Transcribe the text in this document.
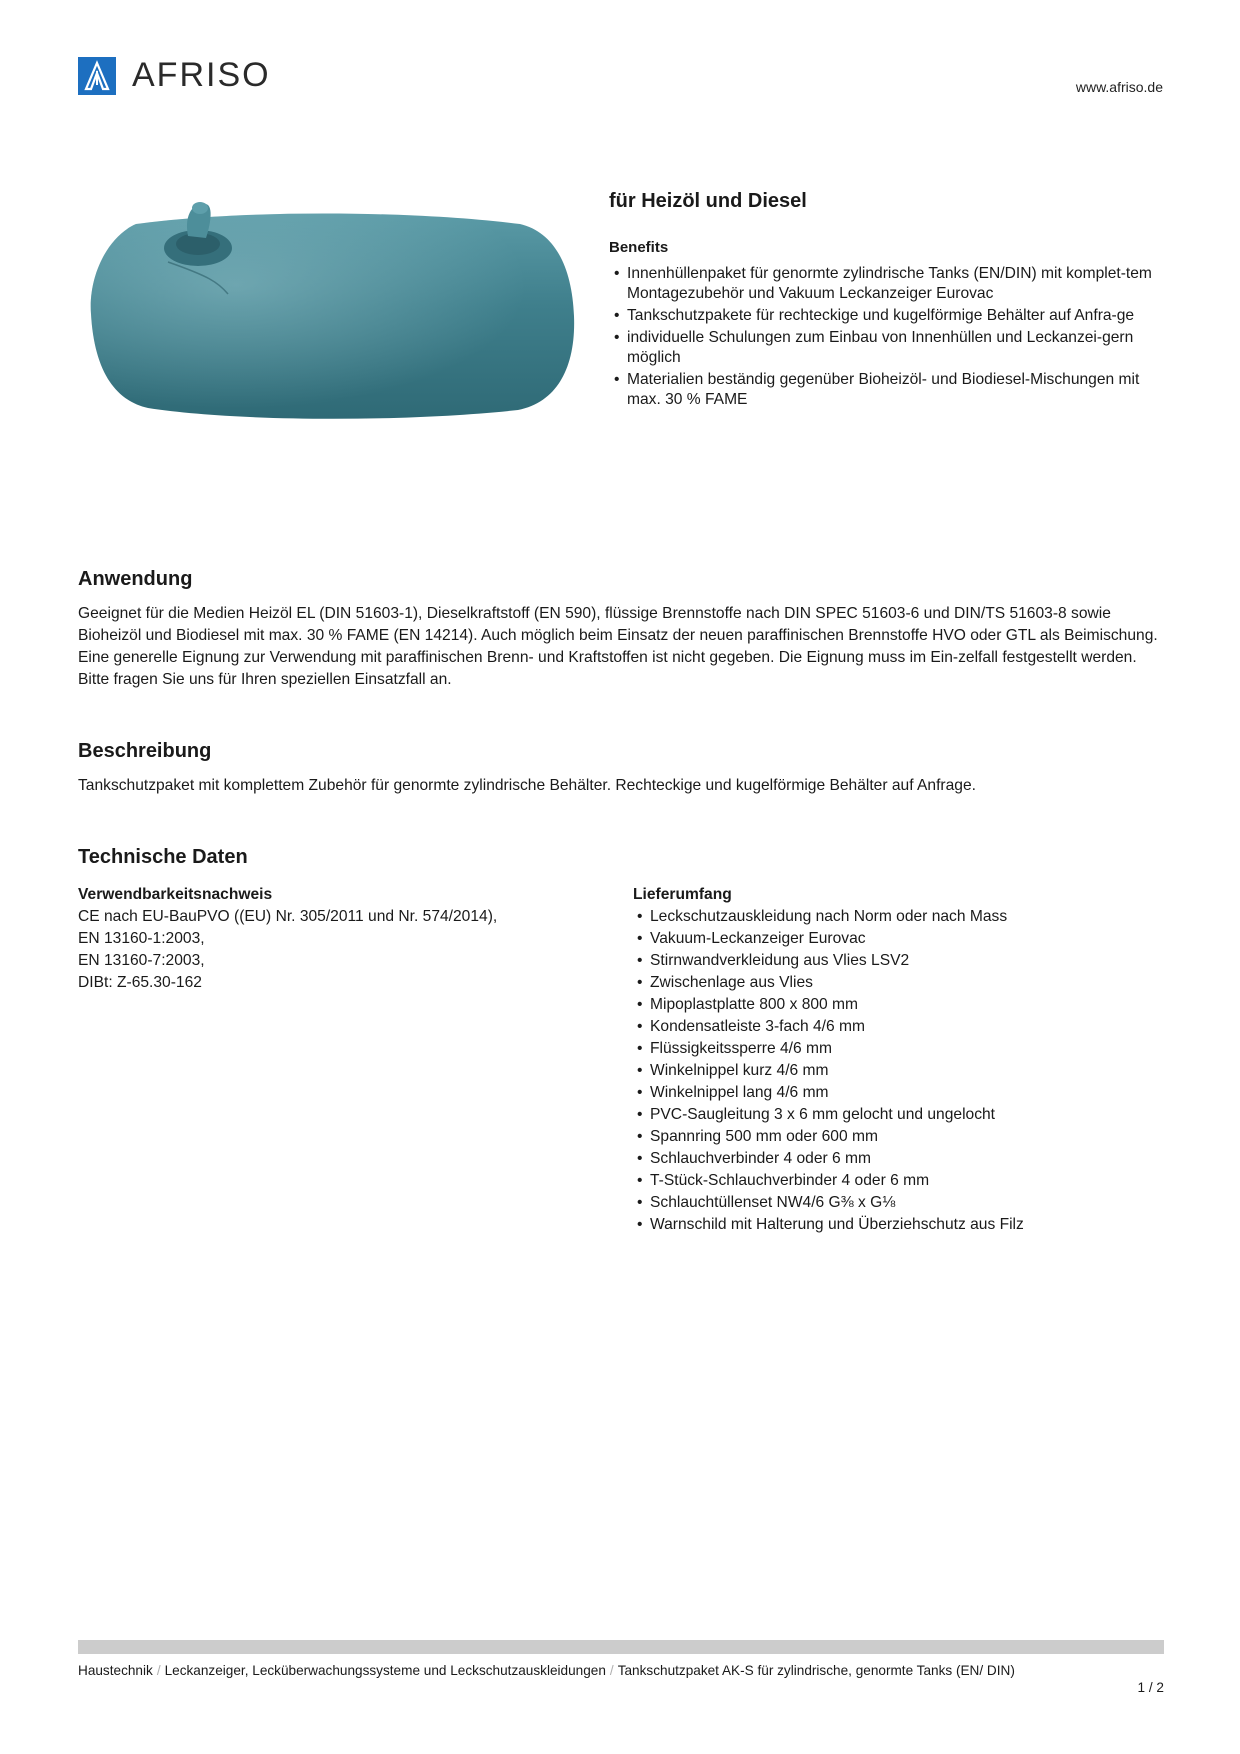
AFRISO	www.afriso.de
für Heizöl und Diesel
Benefits
• Innenhüllenpaket für genormte zylindrische Tanks (EN/DIN) mit komplet-tem Montagezubehör und Vakuum Leckanzeiger Eurovac
• Tankschutzpakete für rechteckige und kugelförmige Behälter auf Anfra-ge
• individuelle Schulungen zum Einbau von Innenhüllen und Leckanzei-gern möglich
• Materialien beständig gegenüber Bioheizöl- und Biodiesel-Mischungen mit max. 30 % FAME
Anwendung

Geeignet für die Medien Heizöl EL (DIN 51603-1), Dieselkraftstoff (EN 590), flüssige Brennstoffe nach DIN SPEC 51603-6 und DIN/TS 51603-8 sowie Bioheizöl und Biodiesel mit max. 30 % FAME (EN 14214). Auch möglich beim Einsatz der neuen paraffinischen Brennstoffe HVO oder GTL als Beimischung. Eine generelle Eignung zur Verwendung mit paraffinischen Brenn- und Kraftstoffen ist nicht gegeben. Die Eignung muss im Ein-zelfall festgestellt werden. Bitte fragen Sie uns für Ihren speziellen Einsatzfall an.

Beschreibung

Tankschutzpaket mit komplettem Zubehör für genormte zylindrische Behälter. Rechteckige und kugelförmige Behälter auf Anfrage.

Technische Daten
Verwendbarkeitsnachweis
CE nach EU-BauPVO ((EU) Nr. 305/2011 und Nr. 574/2014),
EN 13160-1:2003,
EN 13160-7:2003,
DIBt: Z-65.30-162
Lieferumfang
• Leckschutzauskleidung nach Norm oder nach Mass
• Vakuum-Leckanzeiger Eurovac
• Stirnwandverkleidung aus Vlies LSV2
• Zwischenlage aus Vlies
• Mipoplastplatte 800 x 800 mm
• Kondensatleiste 3-fach 4/6 mm
• Flüssigkeitssperre 4/6 mm
• Winkelnippel kurz 4/6 mm
• Winkelnippel lang 4/6 mm
• PVC-Saugleitung 3 x 6 mm gelocht und ungelocht
• Spannring 500 mm oder 600 mm
• Schlauchverbinder 4 oder 6 mm
• T-Stück-Schlauchverbinder 4 oder 6 mm
• Schlauchtüllenset NW4/6 G⅜ x G⅛
• Warnschild mit Halterung und Überziehschutz aus Filz
Haustechnik / Leckanzeiger, Lecküberwachungssysteme und Leckschutzauskleidungen / Tankschutzpaket AK-S für zylindrische, genormte Tanks (EN/ DIN)
1 / 2
